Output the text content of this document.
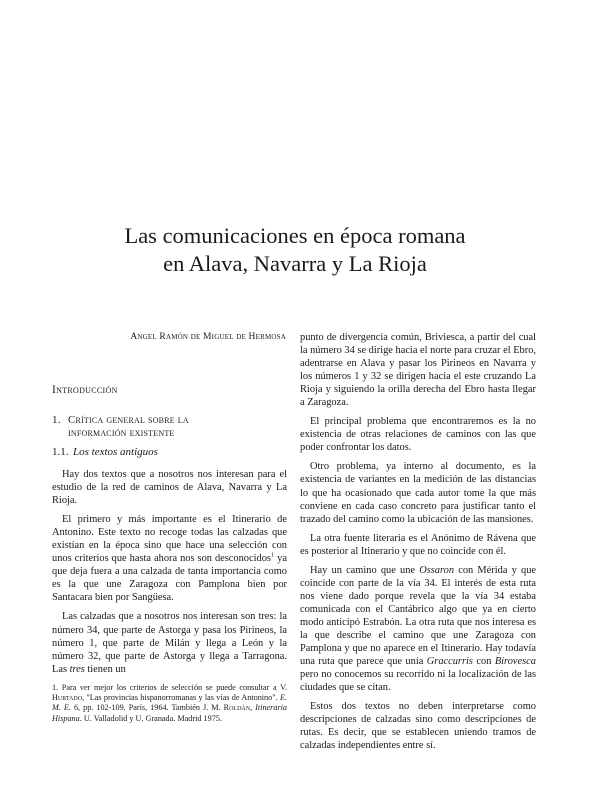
Las comunicaciones en época romana
en Alava, Navarra y La Rioja
Angel Ramón de Miguel de Hermosa
Introducción
1. Crítica general sobre la
información existente
1.1. Los textos antiguos

Hay dos textos que a nosotros nos interesan para el estudio de la red de caminos de Alava, Navarra y La Rioja.

El primero y más importante es el Itinerario de Antonino. Este texto no recoge todas las calzadas que existían en la época sino que hace una selección con unos criterios que hasta ahora nos son desconocidos$^1$ ya que deja fuera a una calzada de tanta importancia como es la que une Zaragoza con Pamplona bien por Santacara bien por Sangüesa.

Las calzadas que a nosotros nos interesan son tres: la número 34, que parte de Astorga y pasa los Pirineos, la número 1, que parte de Milán y llega a León y la número 32, que parte de Astorga y llega a Tarragona. Las tres tienen un

1. Para ver mejor los criterios de selección se puede consultar a V. Hurtado, "Las provincias hispanorromanas y las vías de Antonino". E. M. E. 6, pp. 102-109. París, 1964. También J. M. Roldán, Itineraria Hispana. U. Valladolid y U. Granada. Madrid 1975.

punto de divergencia común, Briviesca, a partir del cual la número 34 se dirige hacia el norte para cruzar el Ebro, adentrarse en Alava y pasar los Pirineos en Navarra y los números 1 y 32 se dirigen hacia el este cruzando La Rioja y siguiendo la orilla derecha del Ebro hasta llegar a Zaragoza.

El principal problema que encontraremos es la no existencia de otras relaciones de caminos con las que poder confrontar los datos.

Otro problema, ya interno al documento, es la existencia de variantes en la medición de las distancias lo que ha ocasionado que cada autor tome la que más convienе en cada caso concreto para justificar tanto el trazado del camino como la ubicación de las mansiones.

La otra fuente literaria es el Anónimo de Rávena que es posterior al Itinerario y que no coincide con él.

Hay un camino que une Ossaron con Mérida y que coincide con parte de la vía 34. El interés de esta ruta nos viene dado porque revela que la vía 34 estaba comunicada con el Cantábrico algo que ya en cierto modo anticipó Estrabón. La otra ruta que nos interesa es la que describe el camino que une Zaragoza con Pamplona y que no aparece en el Itinerario. Hay todavía una ruta que parece que unía Graccurris con Birovesca pero no conocemos su recorrido ni la localización de las ciudades que se citan.

Estos dos textos no deben interpretarse como descripciones de calzadas sino como descripciones de rutas. Es decir, que se establecen uniendo tramos de calzadas independientes entre sí.
